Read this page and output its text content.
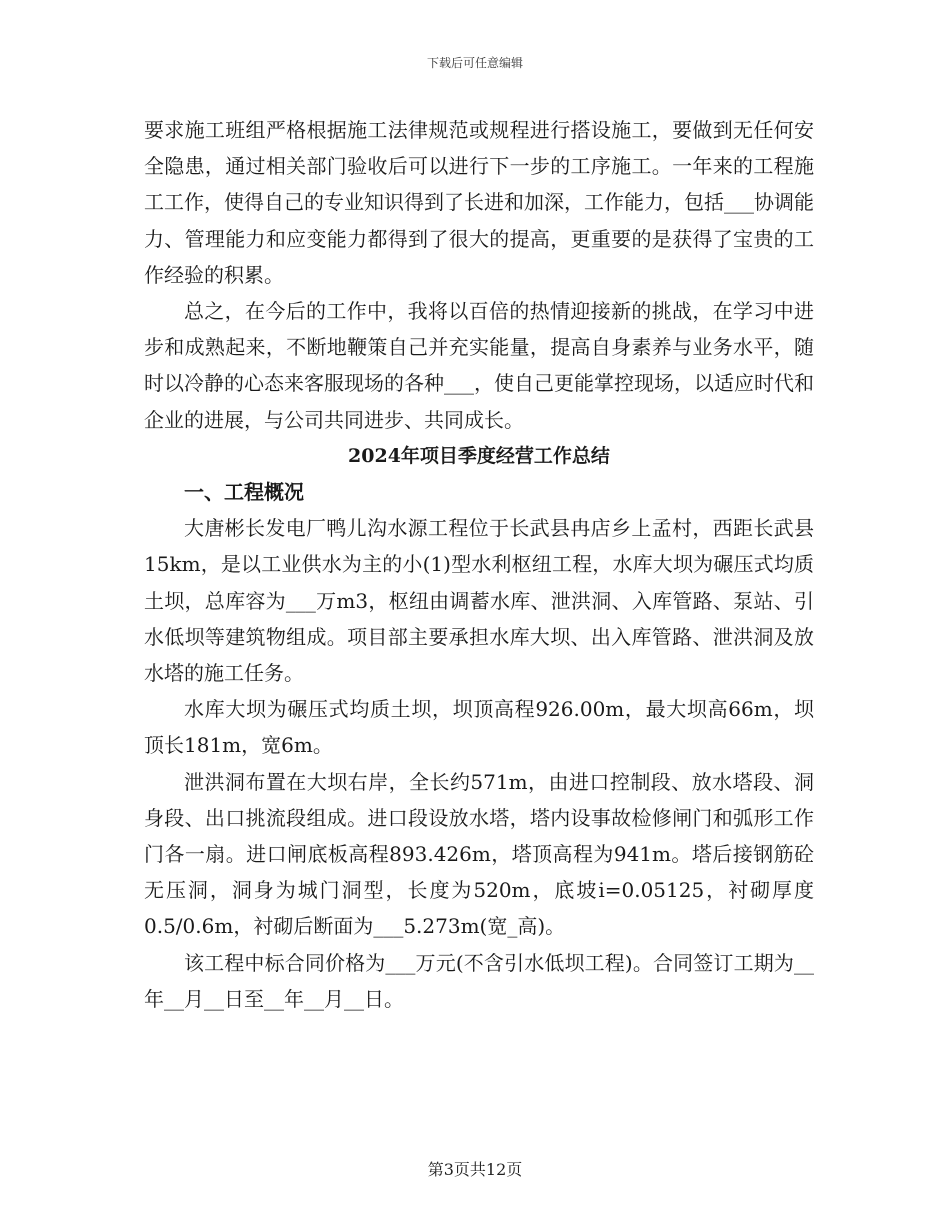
下载后可任意编辑

要求施工班组严格根据施工法律规范或规程进行搭设施工，要做到无任何安全隐患，通过相关部门验收后可以进行下一步的工序施工。一年来的工程施工工作，使得自己的专业知识得到了长进和加深，工作能力，包括___协调能力、管理能力和应变能力都得到了很大的提高，更重要的是获得了宝贵的工作经验的积累。

总之，在今后的工作中，我将以百倍的热情迎接新的挑战，在学习中进步和成熟起来，不断地鞭策自己并充实能量，提高自身素养与业务水平，随时以冷静的心态来客服现场的各种___，使自己更能掌控现场，以适应时代和企业的进展，与公司共同进步、共同成长。

2024年项目季度经营工作总结

一、工程概况

大唐彬长发电厂鸭儿沟水源工程位于长武县冉店乡上孟村，西距长武县15km，是以工业供水为主的小(1)型水利枢纽工程，水库大坝为碾压式均质土坝，总库容为___万m3，枢纽由调蓄水库、泄洪洞、入库管路、泵站、引水低坝等建筑物组成。项目部主要承担水库大坝、出入库管路、泄洪洞及放水塔的施工任务。

水库大坝为碾压式均质土坝，坝顶高程926.00m，最大坝高66m，坝顶长181m，宽6m。

泄洪洞布置在大坝右岸，全长约571m，由进口控制段、放水塔段、洞身段、出口挑流段组成。进口段设放水塔，塔内设事故检修闸门和弧形工作门各一扇。进口闸底板高程893.426m，塔顶高程为941m。塔后接钢筋砼无压洞，洞身为城门洞型，长度为520m，底坡i=0.05125，衬砌厚度0.5/0.6m，衬砌后断面为___5.273m(宽_高)。

该工程中标合同价格为___万元(不含引水低坝工程)。合同签订工期为__年__月__日至__年__月__日。

第3页共12页
